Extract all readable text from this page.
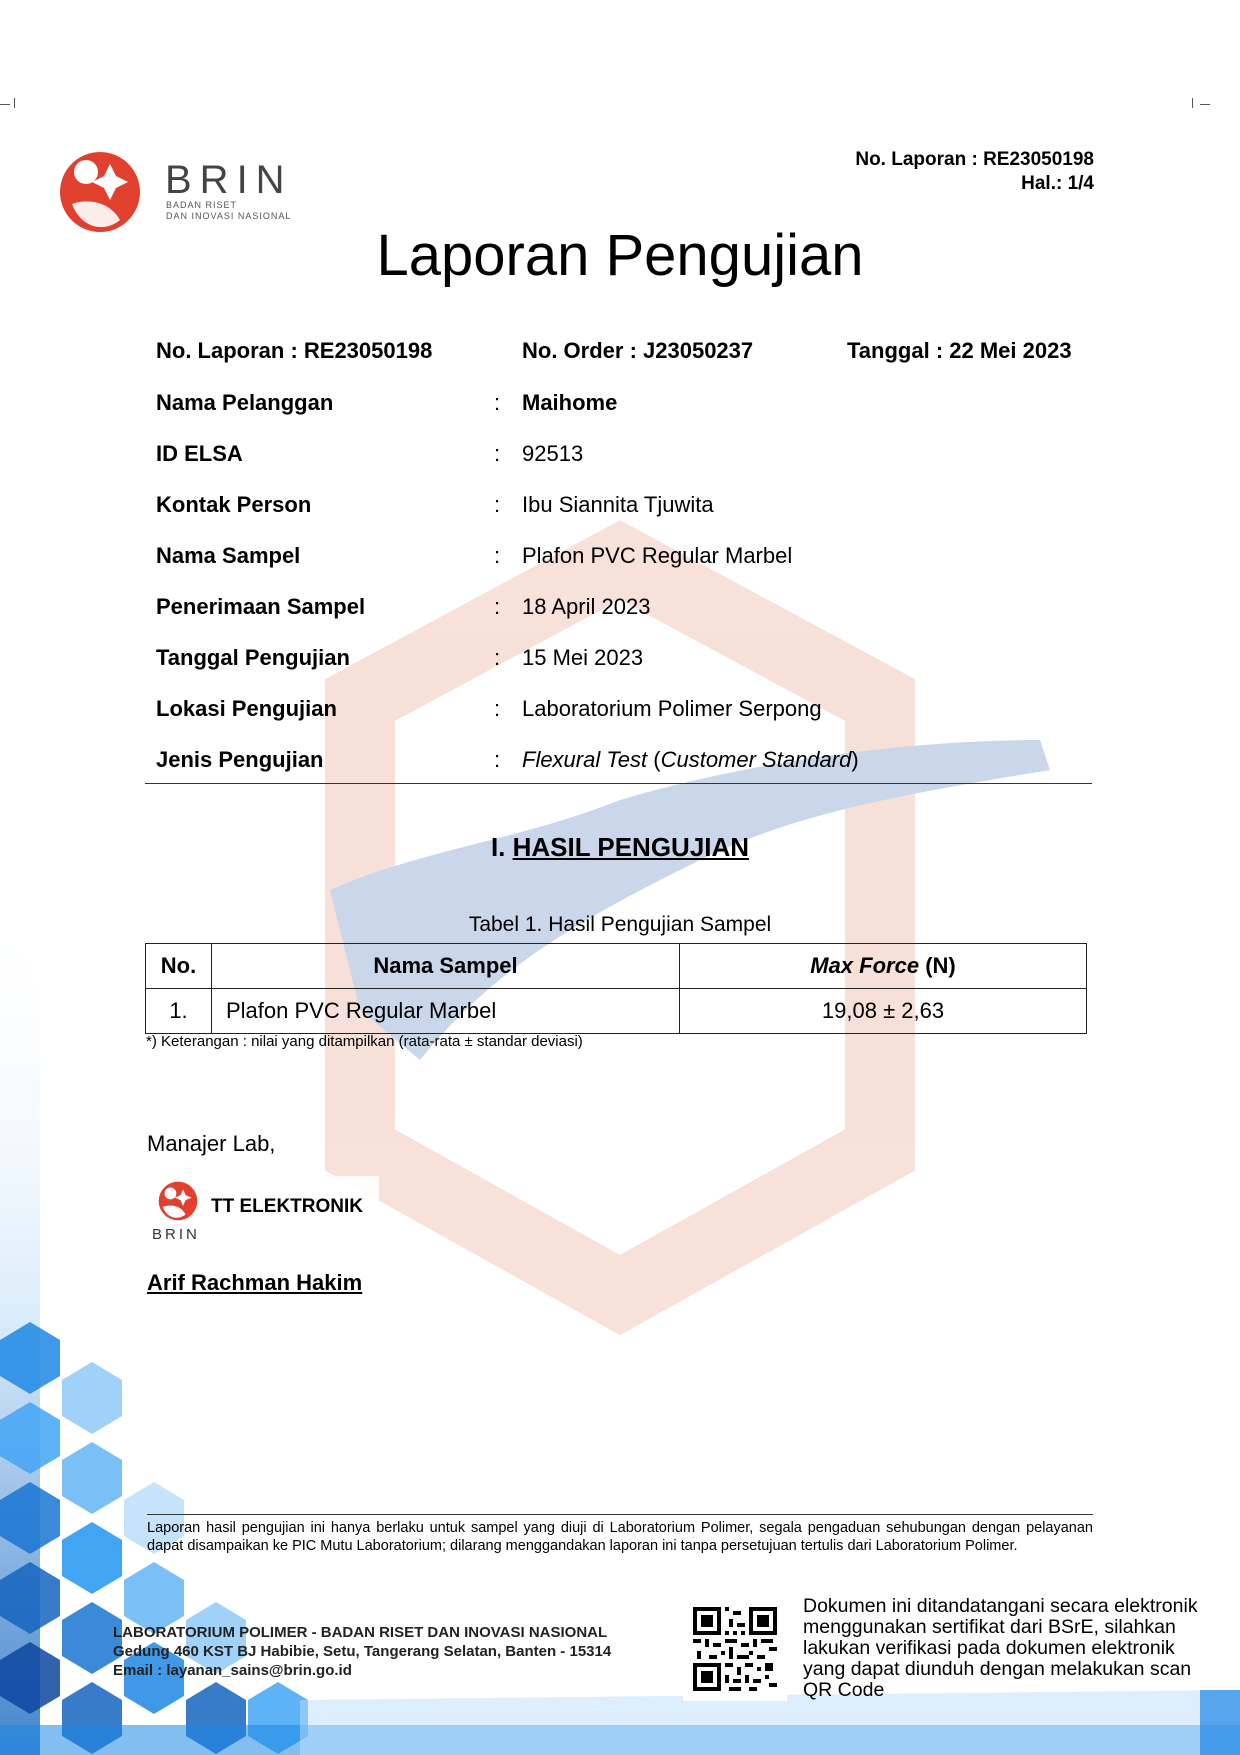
BRIN
BADAN RISET
DAN INOVASI NASIONAL
No. Laporan : RE23050198
Hal.: 1/4
Laporan Pengujian
No. Laporan : RE23050198	No. Order : J23050237	Tanggal : 22 Mei 2023
Nama Pelanggan	: Maihome
ID ELSA	: 92513
Kontak Person	: Ibu Siannita Tjuwita
Nama Sampel	: Plafon PVC Regular Marbel
Penerimaan Sampel	: 18 April 2023
Tanggal Pengujian	: 15 Mei 2023
Lokasi Pengujian	: Laboratorium Polimer Serpong
Jenis Pengujian	: Flexural Test (Customer Standard)
I. HASIL PENGUJIAN
Tabel 1. Hasil Pengujian Sampel
No.	Nama Sampel	Max Force (N)
1.	Plafon PVC Regular Marbel	19,08 ± 2,63
*) Keterangan : nilai yang ditampilkan (rata-rata ± standar deviasi)
Manajer Lab,
TT ELEKTRONIK
BRIN
Arif Rachman Hakim
Laporan hasil pengujian ini hanya berlaku untuk sampel yang diuji di Laboratorium Polimer, segala pengaduan sehubungan dengan pelayanan dapat disampaikan ke PIC Mutu Laboratorium; dilarang menggandakan laporan ini tanpa persetujuan tertulis dari Laboratorium Polimer.
LABORATORIUM POLIMER - BADAN RISET DAN INOVASI NASIONAL
Gedung 460 KST BJ Habibie, Setu, Tangerang Selatan, Banten - 15314
Email : layanan_sains@brin.go.id
Dokumen ini ditandatangani secara elektronik menggunakan sertifikat dari BSrE, silahkan lakukan verifikasi pada dokumen elektronik yang dapat diunduh dengan melakukan scan QR Code
